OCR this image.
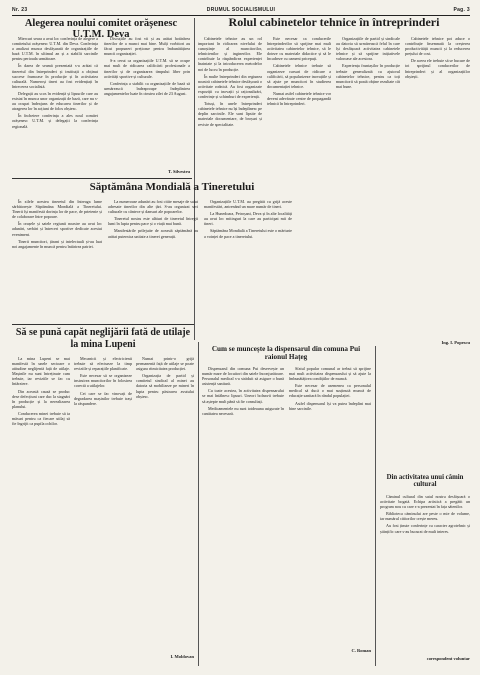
Nr. 23	DRUMUL SOCIALISMULUI	Pag. 3
Alegerea noului comitet orășenesc U.T.M. Deva

Miercuri seara a avut loc conferința de alegere a comitetului orășenesc U.T.M. din Deva. Conferința a analizat munca desfășurată de organizațiile de bază U.T.M. în ultimul an și a stabilit sarcinile pentru perioada următoare.

În darea de seamă prezentată s-a arătat că tineretul din întreprinderi și instituții a obținut succese frumoase în producție și în activitatea culturală. Numeroși tineri au fost evidențiați în întrecerea socialistă.

Delegații au scos în evidență și lipsurile care au existat în munca unor organizații de bază, care nu s-au ocupat îndeajuns de educarea tinerilor și de atragerea lor în acțiuni de folos obștesc.

În încheiere conferința a ales noul comitet orășenesc U.T.M. și delegații la conferința regională.

Discuțiile au fost vii și au arătat hotărârea tinerilor de a munci mai bine. Mulți vorbitori au făcut propuneri prețioase pentru îmbunătățirea muncii organizației.

S-a cerut ca organizațiile U.T.M. să se ocupe mai mult de ridicarea calificării profesionale a tinerilor și de organizarea timpului liber prin activități sportive și culturale.

Conferința a stabilit ca organizațiile de bază să urmărească îndeaproape îndeplinirea angajamentelor luate în cinstea zilei de 23 August.

T. Silvestru
Rolul cabinetelor tehnice în întreprinderi

Cabinetele tehnice au un rol important în ridicarea nivelului de cunoștințe al muncitorilor, tehnicienilor și inginerilor. Ele contribuie la răspândirea experienței înaintate și la introducerea metodelor noi de lucru în producție.

În multe întreprinderi din regiunea noastră cabinetele tehnice desfășoară o activitate rodnică. Au fost organizate expoziții cu inovații și raționalizări, conferințe și schimburi de experiență.

Totuși, în unele întreprinderi cabinetele tehnice nu își îndeplinesc pe deplin sarcinile. Ele sunt lipsite de materiale documentare, de broșuri și reviste de specialitate.

Este necesar ca conducerile întreprinderilor să sprijine mai mult activitatea cabinetelor tehnice, să le doteze cu materiale didactice și să le încadreze cu oameni pricepuți.

Cabinetele tehnice trebuie să organizeze cursuri de ridicare a calificării, să popularizeze inovațiile și să ajute pe muncitori în studierea documentației tehnice.

Numai astfel cabinetele tehnice vor deveni adevărate centre de propagandă tehnică în întreprinderi.

Organizațiile de partid și sindicale au datoria să urmărească felul în care își desfășoară activitatea cabinetele tehnice și să sprijine inițiativele valoroase ale acestora.

Experiența fruntașilor în producție trebuie generalizată cu ajutorul cabinetelor tehnice, pentru ca toți muncitorii să poată obține rezultate cât mai bune.

Cabinetele tehnice pot aduce o contribuție însemnată la creșterea productivității muncii și la reducerea prețului de cost.

De aceea ele trebuie să se bucure de tot sprijinul conducerilor de întreprinderi și al organizațiilor obștești.

Ing. I. Popescu
Săptămâna Mondială a Tineretului

În zilele acestea tineretul din întreaga lume sărbătorește Săptămâna Mondială a Tineretului. Tinerii își manifestă dorința lor de pace, de prietenie și de colaborare între popoare.

În orașele și satele regiunii noastre au avut loc adunări, serbări și întreceri sportive dedicate acestui eveniment.

Tinerii muncitori, țărani și intelectuali și-au luat noi angajamente în muncă pentru întărirea patriei.

La numeroase adunări au fost citite mesaje de salut adresate tinerilor din alte țări. S-au organizat seri culturale cu cântece și dansuri ale popoarelor.

Tineretul nostru este alături de tineretul întregii lumi în lupta pentru pace și o viață mai bună.

Manifestările prilejuite de această săptămână au arătat puternica unitate a tinerei generații.

Organizațiile U.T.M. au pregătit cu grijă aceste manifestări, antrenând un mare număr de tineri.

La Hunedoara, Petroșani, Deva și în alte localități au avut loc mitinguri la care au participat mii de tineri.

Săptămâna Mondială a Tineretului este o mărturie a voinței de pace a tineretului.

Să se pună capăt neglijării fată de utilaje
la mina Lupeni

La mina Lupeni se mai manifestă în unele sectoare o atitudine neglijentă față de utilaje. Mașinile nu sunt întreținute cum trebuie, iar reviziile se fac cu întârziere.

Din această cauză se produc dese defecțiuni care duc la stagnări în producție și la nerealizarea planului.

Conducerea minei trebuie să ia măsuri pentru ca fiecare utilaj să fie îngrijit ca pupila ochilor.

Mecanicii și electricienii trebuie să efectueze la timp reviziile și reparațiile planificate.

Este necesar să se organizeze instruirea muncitorilor în folosirea corectă a utilajelor.

Cei care se fac vinovați de degradarea mașinilor trebuie trași la răspundere.

Numai printr-o grijă permanentă față de utilaje se poate asigura ritmicitatea producției.

Organizația de partid și comitetul sindical al minei au datoria să mobilizeze pe mineri în lupta pentru păstrarea avutului obștesc.

I. Moldovan
Cum se muncește la dispensarul din comuna Pui raionul Hațeg

Dispensarul din comuna Pui deservește un număr mare de locuitori din satele înconjurătoare. Personalul medical s-a străduit să asigure o bună asistență sanitară.

Cu toate acestea, în activitatea dispensarului se mai întâlnesc lipsuri. Uneori bolnavii trebuie să aștepte mult până să fie consultați.

Medicamentele nu sunt totdeauna asigurate în cantitatea necesară.

Sfatul popular comunal ar trebui să sprijine mai mult activitatea dispensarului și să ajute la îmbunătățirea condițiilor de muncă.

Este necesar de asemenea ca personalul medical să ducă o mai susținută muncă de educație sanitară în rândul populației.

Astfel dispensarul își va putea îndeplini mai bine sarcinile.

C. Roman
Din activitatea unui cămin cultural

Căminul cultural din satul nostru desfășoară o activitate bogată. Echipa artistică a pregătit un program nou cu care s-a prezentat în fața sătenilor.

Biblioteca căminului are peste o mie de volume, iar numărul cititorilor crește mereu.

Au fost ținute conferințe cu caracter agrotehnic și științific care s-au bucurat de mult interes.

corespondent voluntar
